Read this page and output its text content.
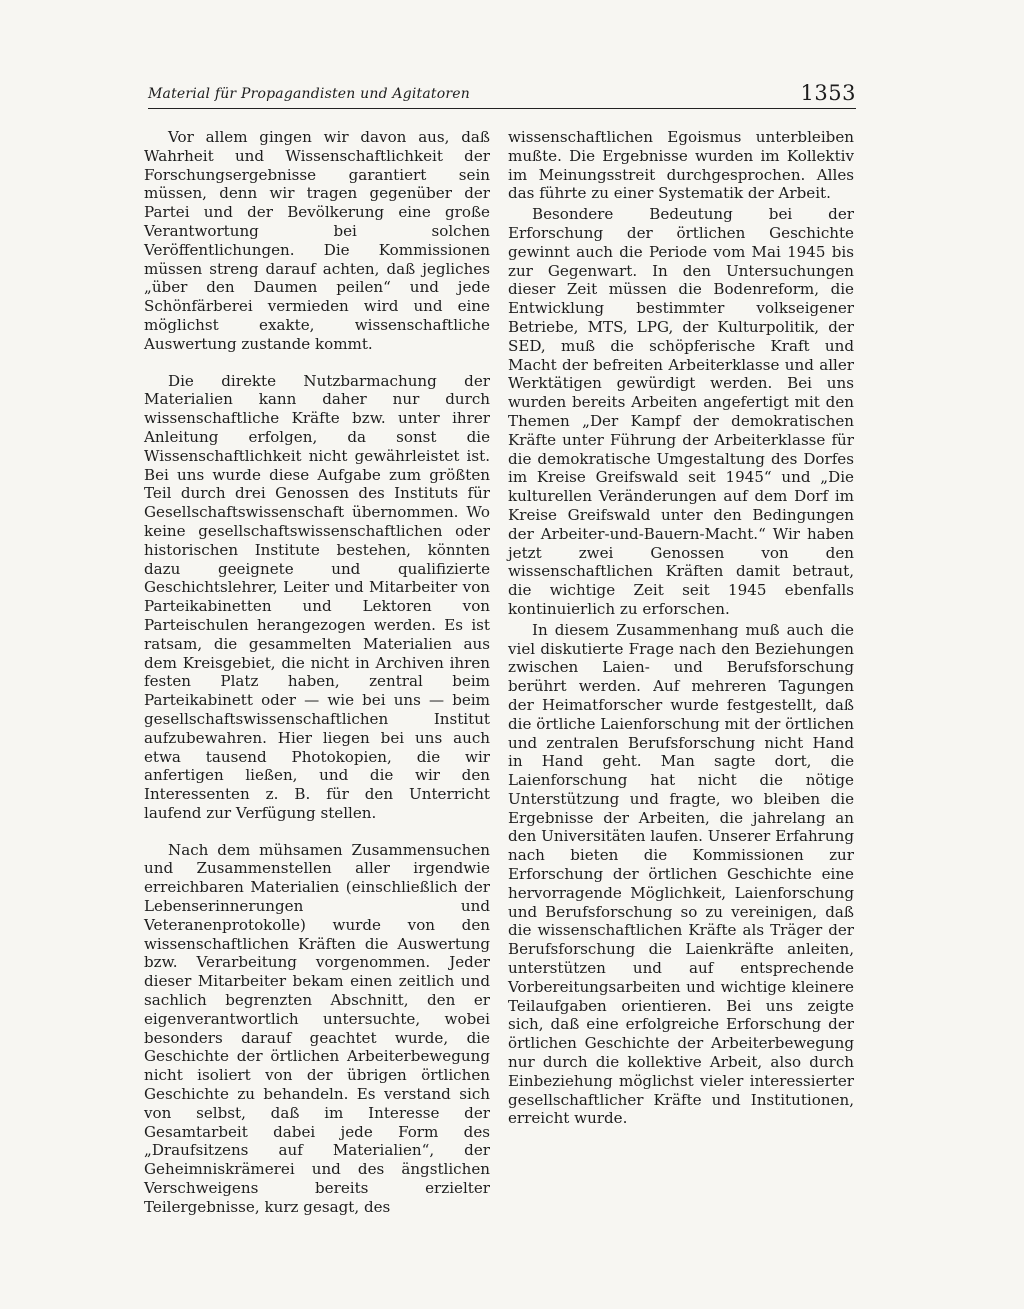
Material für Propagandisten und Agitatoren	1353

Vor allem gingen wir davon aus, daß Wahrheit und Wissenschaftlichkeit der Forschungsergebnisse garantiert sein müssen, denn wir tragen gegenüber der Partei und der Bevölkerung eine große Verantwortung bei solchen Veröffentlichungen. Die Kommissionen müssen streng darauf achten, daß jegliches „über den Daumen peilen“ und jede Schönfärberei vermieden wird und eine möglichst exakte, wissenschaftliche Auswertung zustande kommt.

Die direkte Nutzbarmachung der Materialien kann daher nur durch wissenschaftliche Kräfte bzw. unter ihrer Anleitung erfolgen, da sonst die Wissenschaftlichkeit nicht gewährleistet ist. Bei uns wurde diese Aufgabe zum größten Teil durch drei Genossen des Instituts für Gesellschaftswissenschaft übernommen. Wo keine gesellschaftswissenschaftlichen oder historischen Institute bestehen, könnten dazu geeignete und qualifizierte Geschichtslehrer, Leiter und Mitarbeiter von Parteikabinetten und Lektoren von Parteischulen herangezogen werden. Es ist ratsam, die gesammelten Materialien aus dem Kreisgebiet, die nicht in Archiven ihren festen Platz haben, zentral beim Parteikabinett oder — wie bei uns — beim gesellschaftswissenschaftlichen Institut aufzubewahren. Hier liegen bei uns auch etwa tausend Photokopien, die wir anfertigen ließen, und die wir den Interessenten z. B. für den Unterricht laufend zur Verfügung stellen.

Nach dem mühsamen Zusammensuchen und Zusammenstellen aller irgendwie erreichbaren Materialien (einschließlich der Lebenserinnerungen und Veteranenprotokolle) wurde von den wissenschaftlichen Kräften die Auswertung bzw. Verarbeitung vorgenommen. Jeder dieser Mitarbeiter bekam einen zeitlich und sachlich begrenzten Abschnitt, den er eigenverantwortlich untersuchte, wobei besonders darauf geachtet wurde, die Geschichte der örtlichen Arbeiterbewegung nicht isoliert von der übrigen örtlichen Geschichte zu behandeln. Es verstand sich von selbst, daß im Interesse der Gesamtarbeit dabei jede Form des „Draufsitzens auf Materialien“, der Geheimniskrämerei und des ängstlichen Verschweigens bereits erzielter Teilergebnisse, kurz gesagt, des

wissenschaftlichen Egoismus unterbleiben mußte. Die Ergebnisse wurden im Kollektiv im Meinungsstreit durchgesprochen. Alles das führte zu einer Systematik der Arbeit.

Besondere Bedeutung bei der Erforschung der örtlichen Geschichte gewinnt auch die Periode vom Mai 1945 bis zur Gegenwart. In den Untersuchungen dieser Zeit müssen die Bodenreform, die Entwicklung bestimmter volkseigener Betriebe, MTS, LPG, der Kulturpolitik, der SED, muß die schöpferische Kraft und Macht der befreiten Arbeiterklasse und aller Werktätigen gewürdigt werden. Bei uns wurden bereits Arbeiten angefertigt mit den Themen „Der Kampf der demokratischen Kräfte unter Führung der Arbeiterklasse für die demokratische Umgestaltung des Dorfes im Kreise Greifswald seit 1945“ und „Die kulturellen Veränderungen auf dem Dorf im Kreise Greifswald unter den Bedingungen der Arbeiter-und-Bauern-Macht.“ Wir haben jetzt zwei Genossen von den wissenschaftlichen Kräften damit betraut, die wichtige Zeit seit 1945 ebenfalls kontinuierlich zu erforschen.

In diesem Zusammenhang muß auch die viel diskutierte Frage nach den Beziehungen zwischen Laien- und Berufsforschung berührt werden. Auf mehreren Tagungen der Heimatforscher wurde festgestellt, daß die örtliche Laienforschung mit der örtlichen und zentralen Berufsforschung nicht Hand in Hand geht. Man sagte dort, die Laienforschung hat nicht die nötige Unterstützung und fragte, wo bleiben die Ergebnisse der Arbeiten, die jahrelang an den Universitäten laufen. Unserer Erfahrung nach bieten die Kommissionen zur Erforschung der örtlichen Geschichte eine hervorragende Möglichkeit, Laienforschung und Berufsforschung so zu vereinigen, daß die wissenschaftlichen Kräfte als Träger der Berufsforschung die Laienkräfte anleiten, unterstützen und auf entsprechende Vorbereitungsarbeiten und wichtige kleinere Teilaufgaben orientieren. Bei uns zeigte sich, daß eine erfolgreiche Erforschung der örtlichen Geschichte der Arbeiterbewegung nur durch die kollektive Arbeit, also durch Einbeziehung möglichst vieler interessierter gesellschaftlicher Kräfte und Institutionen, erreicht wurde.
